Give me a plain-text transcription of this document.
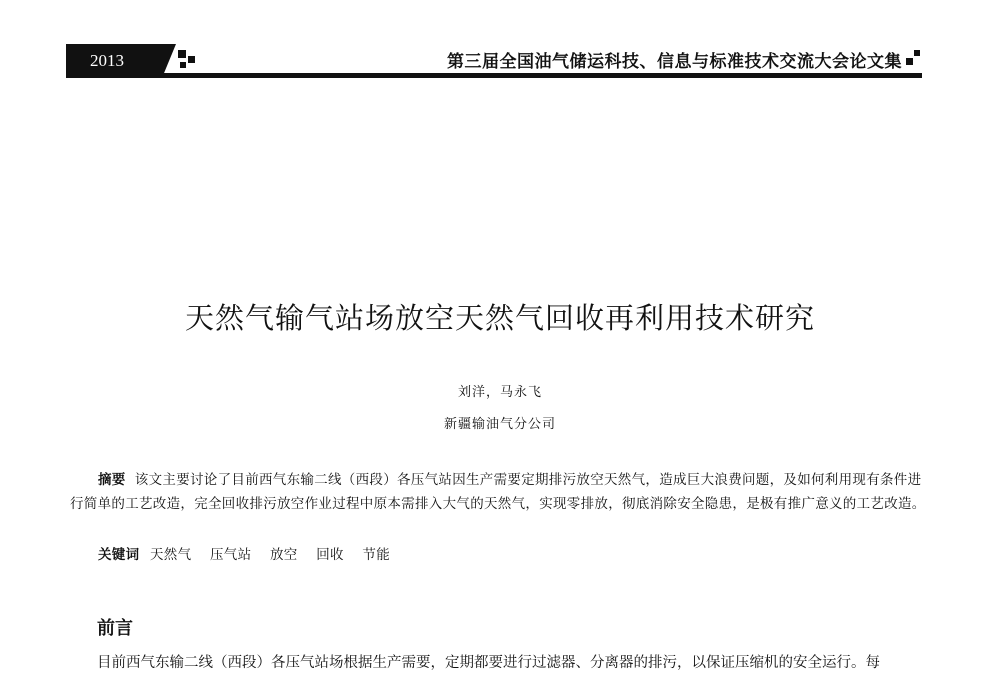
2013	第三届全国油气储运科技、信息与标准技术交流大会论文集
天然气输气站场放空天然气回收再利用技术研究
刘洋，马永飞
新疆输油气分公司
摘要 该文主要讨论了目前西气东输二线（西段）各压气站因生产需要定期排污放空天然气，造成巨大浪费问题，及如何利用现有条件进行简单的工艺改造，完全回收排污放空作业过程中原本需排入大气的天然气，实现零排放，彻底消除安全隐患，是极有推广意义的工艺改造。
关键词 天然气 压气站 放空 回收 节能
前言
目前西气东输二线（西段）各压气站场根据生产需要，定期都要进行过滤器、分离器的排污，以保证压缩机的安全运行。每
